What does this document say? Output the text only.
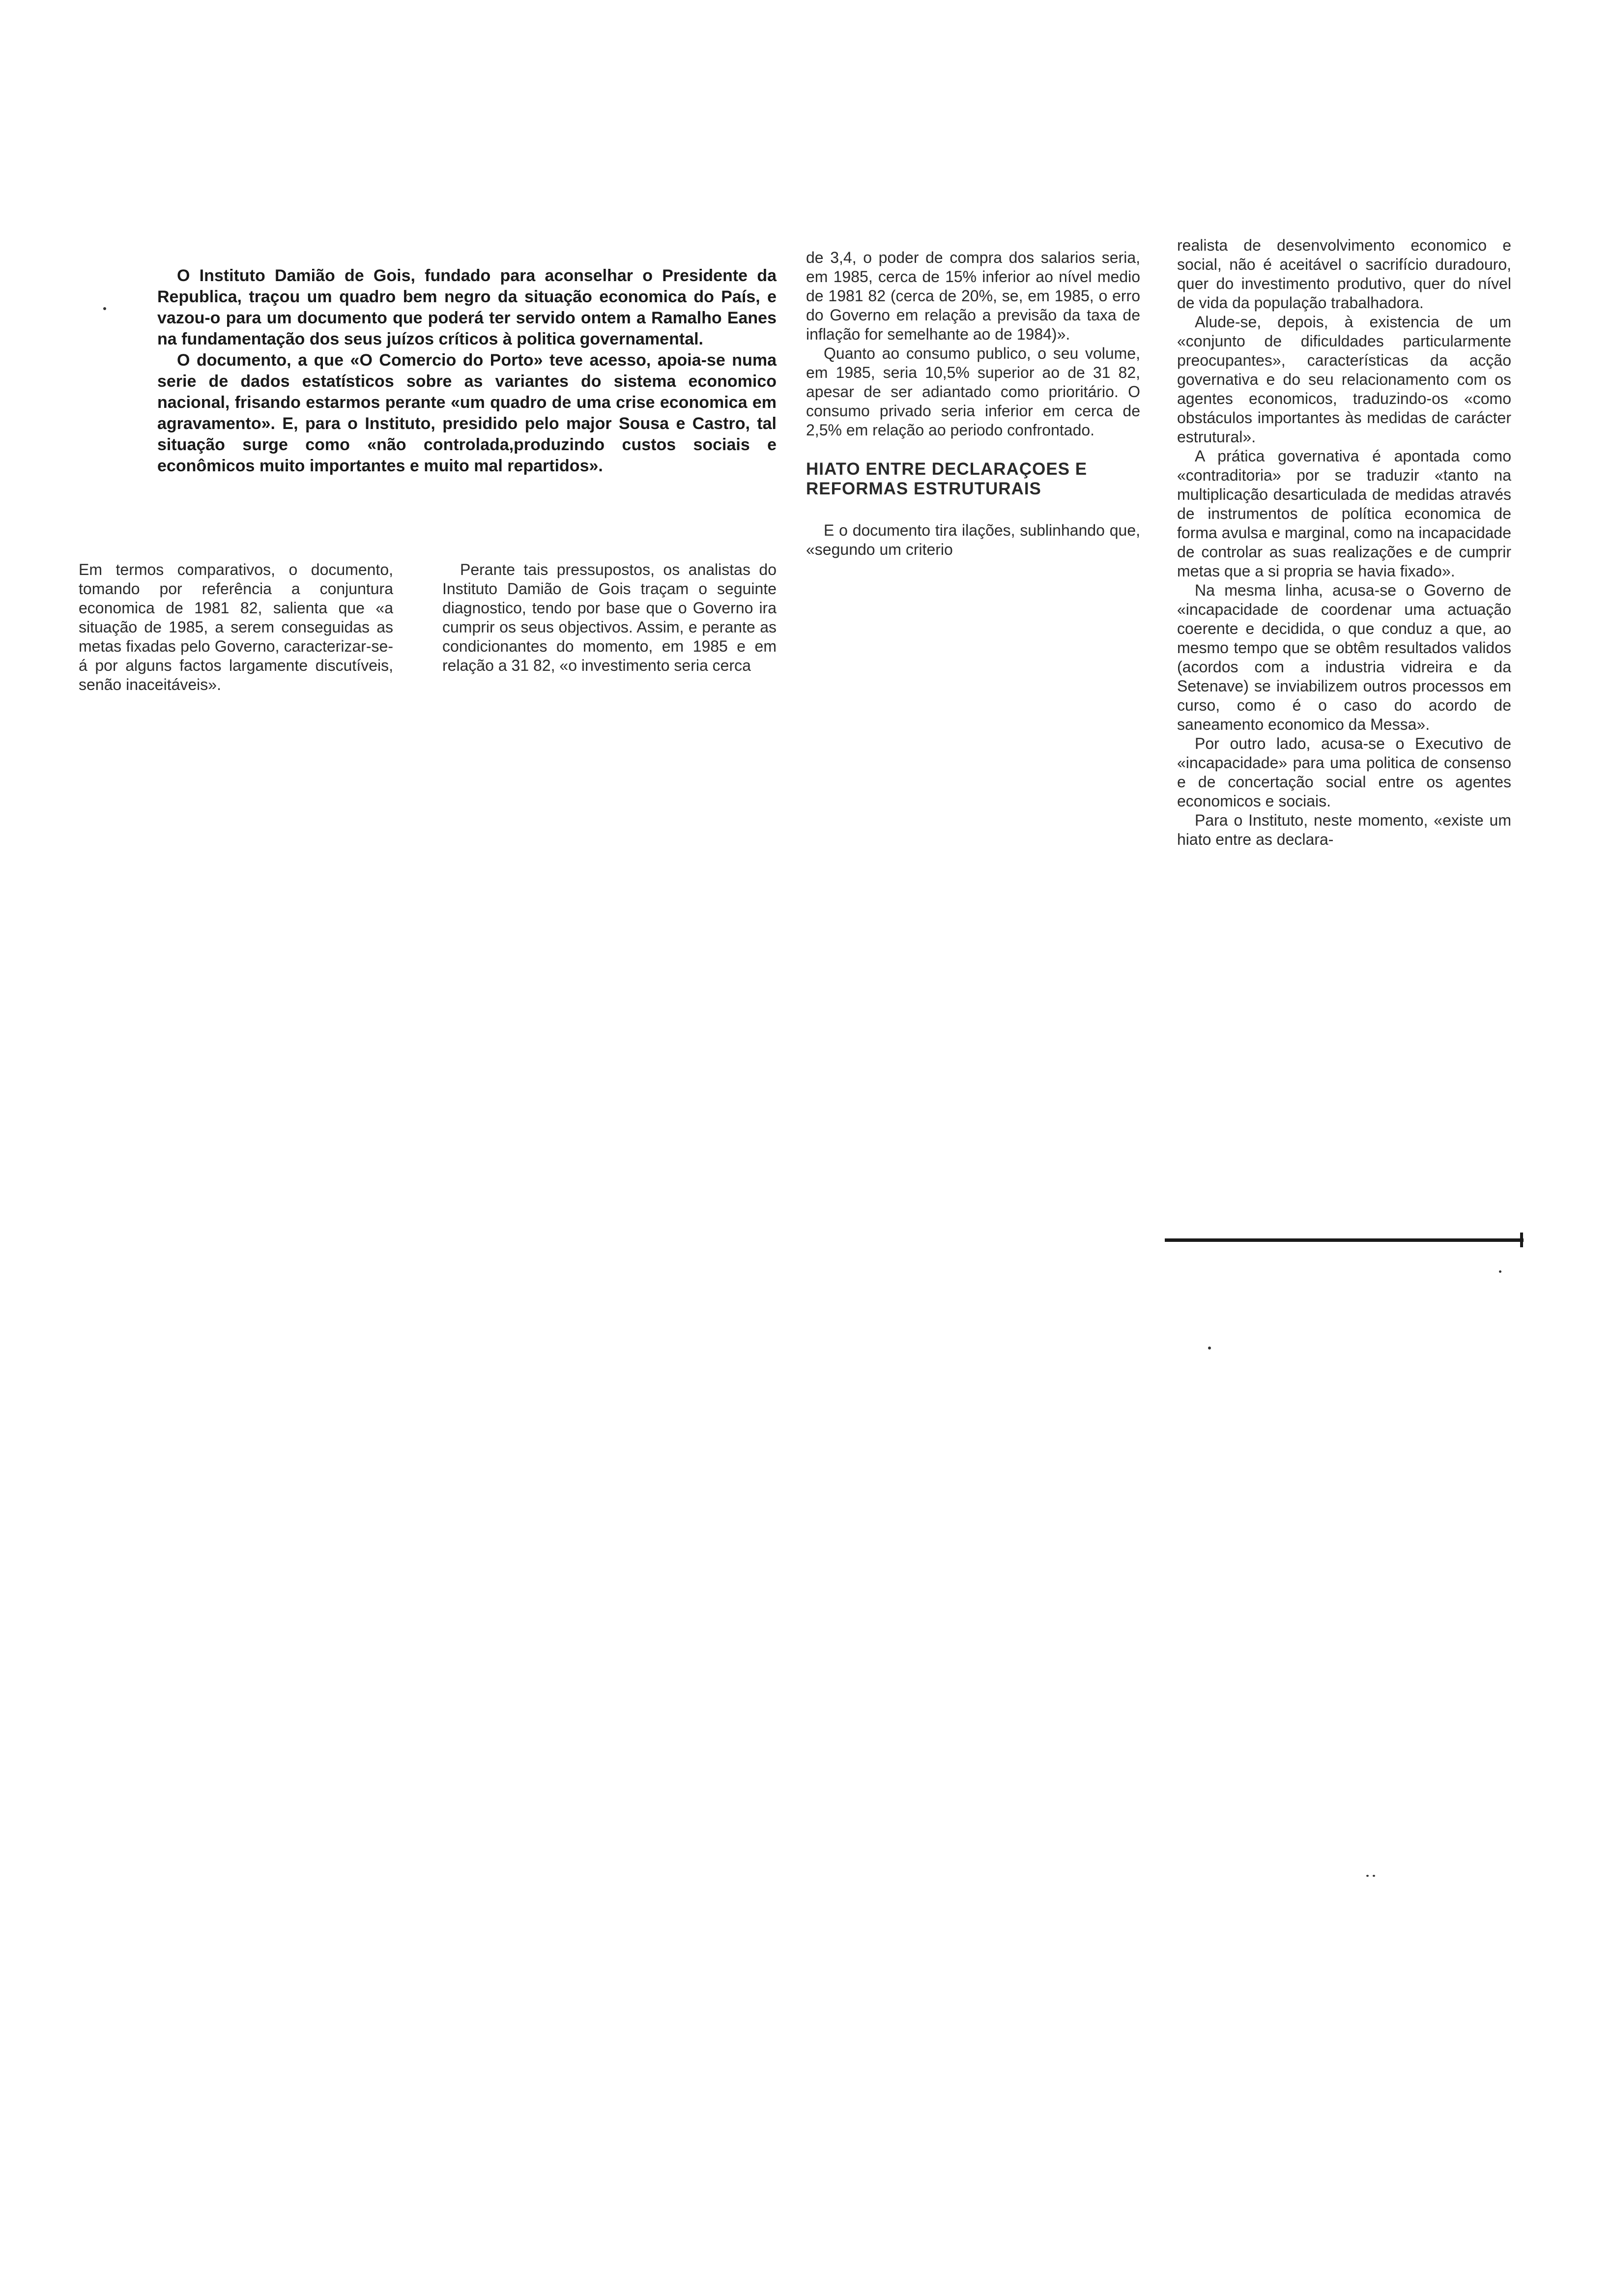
O Instituto Damião de Gois, fundado para aconselhar o Presidente da Republica, traçou um quadro bem negro da situação economica do País, e vazou-o para um documento que poderá ter servido ontem a Ramalho Eanes na fundamentação dos seus juízos críticos à politica governamental.

O documento, a que «O Comercio do Porto» teve acesso, apoia-se numa serie de dados estatísticos sobre as variantes do sistema economico nacional, frisando estarmos perante «um quadro de uma crise economica em agravamento». E, para o Instituto, presidido pelo major Sousa e Castro, tal situação surge como «não controlada,produzindo custos sociais e econômicos muito importantes e muito mal repartidos».

Em termos comparativos, o documento, tomando por referência a conjuntura economica de 1981 82, salienta que «a situação de 1985, a serem conseguidas as metas fixadas pelo Governo, caracterizar-se-á por alguns factos largamente discutíveis, senão inaceitáveis».

Perante tais pressupostos, os analistas do Instituto Damião de Gois traçam o seguinte diagnostico, tendo por base que o Governo ira cumprir os seus objectivos. Assim, e perante as condicionantes do momento, em 1985 e em relação a 31 82, «o investimento seria cerca

de 3,4, o poder de compra dos salarios seria, em 1985, cerca de 15% inferior ao nível medio de 1981 82 (cerca de 20%, se, em 1985, o erro do Governo em relação a previsão da taxa de inflação for semelhante ao de 1984)».

Quanto ao consumo publico, o seu volume, em 1985, seria 10,5% superior ao de 31 82, apesar de ser adiantado como prioritário. O consumo privado seria inferior em cerca de 2,5% em relação ao periodo confrontado.

HIATO ENTRE DECLARAÇOES E REFORMAS ESTRUTURAIS

E o documento tira ilações, sublinhando que, «segundo um criterio

realista de desenvolvimento economico e social, não é aceitável o sacrifício duradouro, quer do investimento produtivo, quer do nível de vida da população trabalhadora.

Alude-se, depois, à existencia de um «conjunto de dificuldades particularmente preocupantes», características da acção governativa e do seu relacionamento com os agentes economicos, traduzindo-os «como obstáculos importantes às medidas de carácter estrutural».

A prática governativa é apontada como «contraditoria» por se traduzir «tanto na multiplicação desarticulada de medidas através de instrumentos de política economica de forma avulsa e marginal, como na incapacidade de controlar as suas realizações e de cumprir metas que a si propria se havia fixado».

Na mesma linha, acusa-se o Governo de «incapacidade de coordenar uma actuação coerente e decidida, o que conduz a que, ao mesmo tempo que se obtêm resultados validos (acordos com a industria vidreira e da Setenave) se inviabilizem outros processos em curso, como é o caso do acordo de saneamento economico da Messa».

Por outro lado, acusa-se o Executivo de «incapacidade» para uma politica de consenso e de concertação social entre os agentes economicos e sociais.

Para o Instituto, neste momento, «existe um hiato entre as declara-
